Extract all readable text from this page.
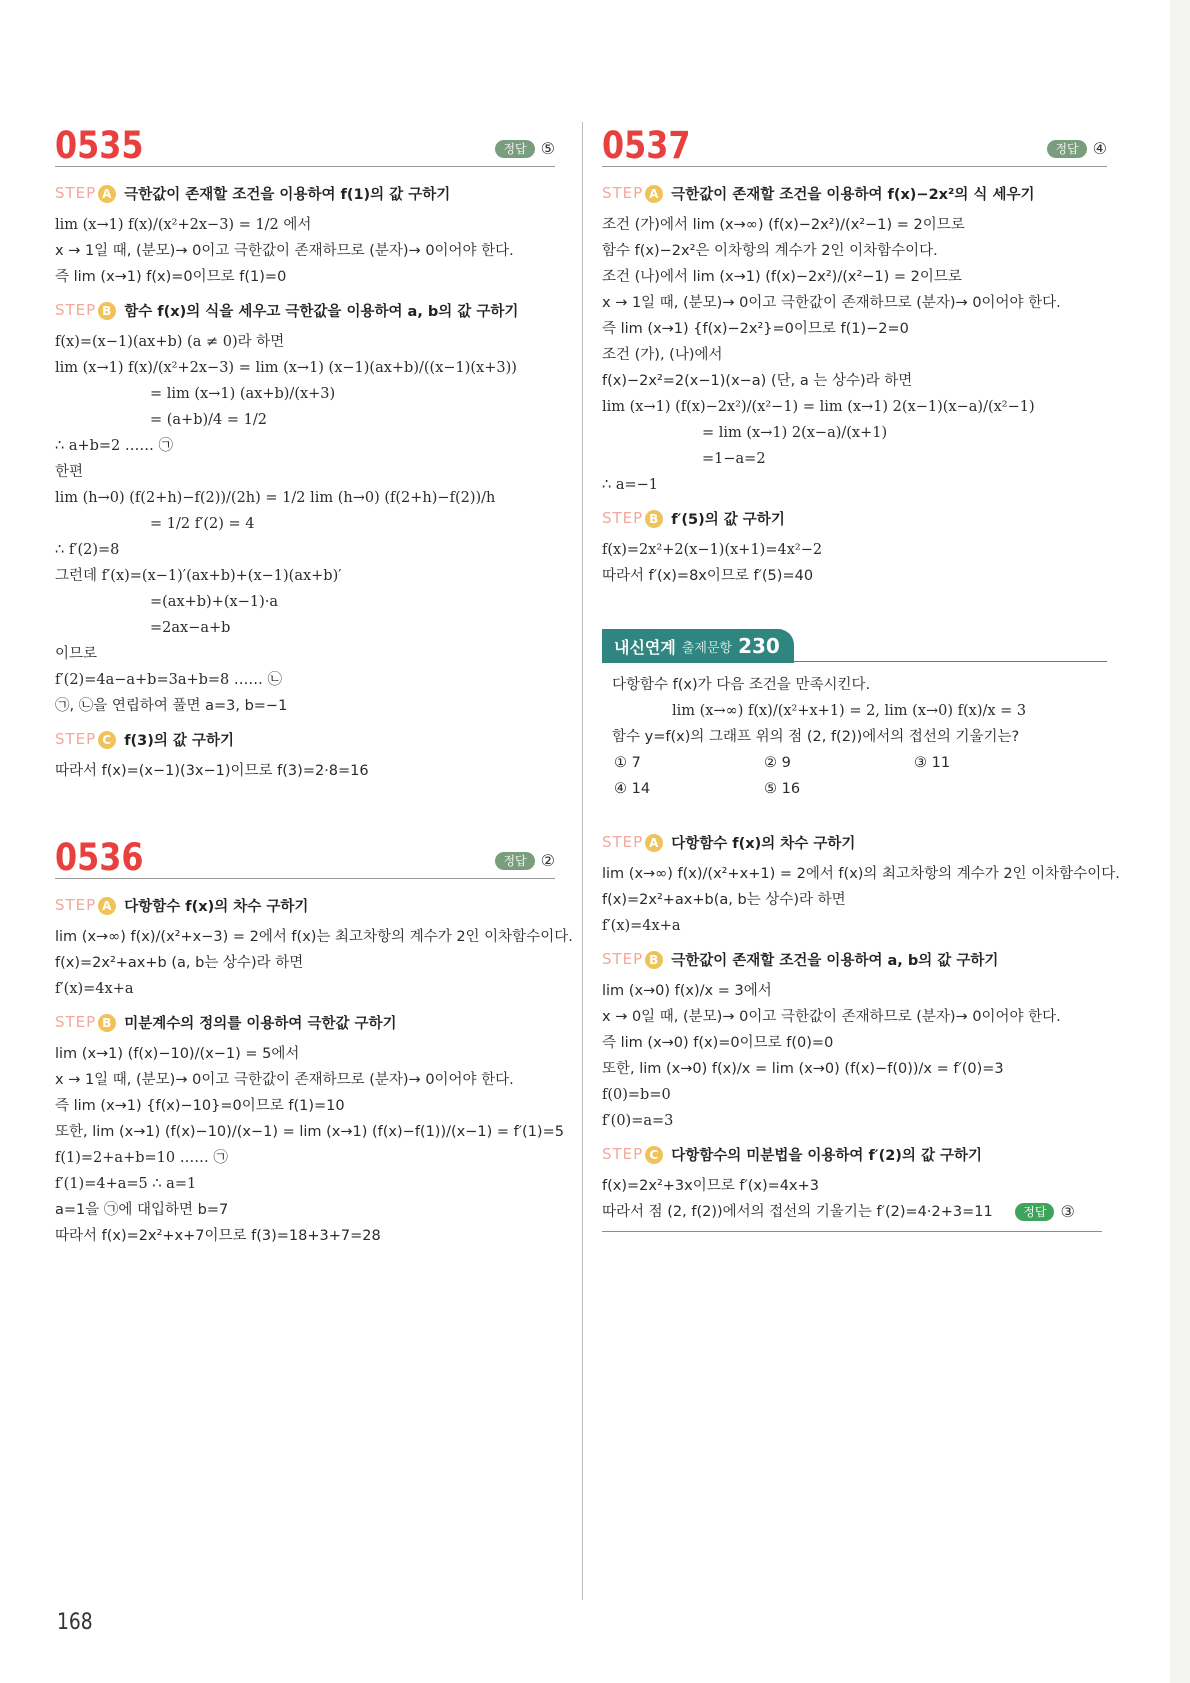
0535	정답 ⑤
STEP A 극한값이 존재할 조건을 이용하여 f(1)의 값 구하기
lim (x→1) f(x)/(x²+2x−3) = 1/2 에서
x → 1일 때, (분모)→ 0이고 극한값이 존재하므로 (분자)→ 0이어야 한다.
즉 lim (x→1) f(x)=0이므로 f(1)=0
STEP B 함수 f(x)의 식을 세우고 극한값을 이용하여 a, b의 값 구하기
f(x)=(x−1)(ax+b) (a ≠ 0)라 하면
lim (x→1) f(x)/(x²+2x−3) = lim (x→1) (x−1)(ax+b)/((x−1)(x+3))
= lim (x→1) (ax+b)/(x+3)
= (a+b)/4 = 1/2
∴ a+b=2 …… ㉠
한편
lim (h→0) (f(2+h)−f(2))/(2h) = 1/2 lim (h→0) (f(2+h)−f(2))/h
= 1/2 f′(2) = 4
∴ f′(2)=8
그런데 f′(x)=(x−1)′(ax+b)+(x−1)(ax+b)′
=(ax+b)+(x−1)·a
=2ax−a+b
이므로
f′(2)=4a−a+b=3a+b=8 …… ㉡
㉠, ㉡을 연립하여 풀면 a=3, b=−1
STEP C f(3)의 값 구하기
따라서 f(x)=(x−1)(3x−1)이므로 f(3)=2·8=16
0536	정답 ②
STEP A 다항함수 f(x)의 차수 구하기
lim (x→∞) f(x)/(x²+x−3) = 2에서 f(x)는 최고차항의 계수가 2인 이차함수이다.
f(x)=2x²+ax+b (a, b는 상수)라 하면
f′(x)=4x+a
STEP B 미분계수의 정의를 이용하여 극한값 구하기
lim (x→1) (f(x)−10)/(x−1) = 5에서
x → 1일 때, (분모)→ 0이고 극한값이 존재하므로 (분자)→ 0이어야 한다.
즉 lim (x→1) {f(x)−10}=0이므로 f(1)=10
또한, lim (x→1) (f(x)−10)/(x−1) = lim (x→1) (f(x)−f(1))/(x−1) = f′(1)=5
f(1)=2+a+b=10 …… ㉠
f′(1)=4+a=5 ∴ a=1
a=1을 ㉠에 대입하면 b=7
따라서 f(x)=2x²+x+7이므로 f(3)=18+3+7=28
0537	정답 ④
STEP A 극한값이 존재할 조건을 이용하여 f(x)−2x²의 식 세우기
조건 (가)에서 lim (x→∞) (f(x)−2x²)/(x²−1) = 2이므로
함수 f(x)−2x²은 이차항의 계수가 2인 이차함수이다.
조건 (나)에서 lim (x→1) (f(x)−2x²)/(x²−1) = 2이므로
x → 1일 때, (분모)→ 0이고 극한값이 존재하므로 (분자)→ 0이어야 한다.
즉 lim (x→1) {f(x)−2x²}=0이므로 f(1)−2=0
조건 (가), (나)에서
f(x)−2x²=2(x−1)(x−a) (단, a 는 상수)라 하면
lim (x→1) (f(x)−2x²)/(x²−1) = lim (x→1) 2(x−1)(x−a)/(x²−1)
= lim (x→1) 2(x−a)/(x+1)
=1−a=2
∴ a=−1
STEP B f′(5)의 값 구하기
f(x)=2x²+2(x−1)(x+1)=4x²−2
따라서 f′(x)=8x이므로 f′(5)=40
내신연계 출제문항 230
다항함수 f(x)가 다음 조건을 만족시킨다.
lim (x→∞) f(x)/(x²+x+1) = 2, lim (x→0) f(x)/x = 3
함수 y=f(x)의 그래프 위의 점 (2, f(2))에서의 접선의 기울기는?
① 7	② 9	③ 11
④ 14	⑤ 16
STEP A 다항함수 f(x)의 차수 구하기
lim (x→∞) f(x)/(x²+x+1) = 2에서 f(x)의 최고차항의 계수가 2인 이차함수이다.
f(x)=2x²+ax+b(a, b는 상수)라 하면
f′(x)=4x+a
STEP B 극한값이 존재할 조건을 이용하여 a, b의 값 구하기
lim (x→0) f(x)/x = 3에서
x → 0일 때, (분모)→ 0이고 극한값이 존재하므로 (분자)→ 0이어야 한다.
즉 lim (x→0) f(x)=0이므로 f(0)=0
또한, lim (x→0) f(x)/x = lim (x→0) (f(x)−f(0))/x = f′(0)=3
f(0)=b=0
f′(0)=a=3
STEP C 다항함수의 미분법을 이용하여 f′(2)의 값 구하기
f(x)=2x²+3x이므로 f′(x)=4x+3
따라서 점 (2, f(2))에서의 접선의 기울기는 f′(2)=4·2+3=11	정답 ③
168
